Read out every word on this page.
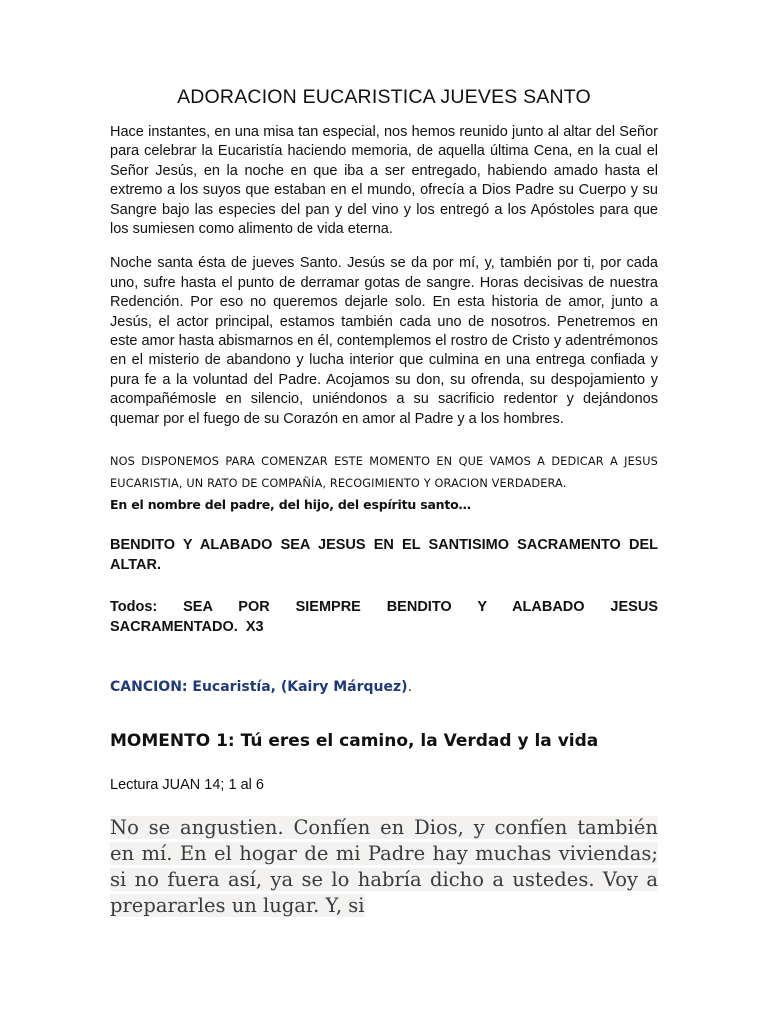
ADORACION EUCARISTICA JUEVES SANTO

Hace instantes, en una misa tan especial, nos hemos reunido junto al altar del Señor para celebrar la Eucaristía haciendo memoria, de aquella última Cena, en la cual el Señor Jesús, en la noche en que iba a ser entregado, habiendo amado hasta el extremo a los suyos que estaban en el mundo, ofrecía a Dios Padre su Cuerpo y su Sangre bajo las especies del pan y del vino y los entregó a los Apóstoles para que los sumiesen como alimento de vida eterna.

Noche santa ésta de jueves Santo. Jesús se da por mí, y, también por ti, por cada uno, sufre hasta el punto de derramar gotas de sangre. Horas decisivas de nuestra Redención. Por eso no queremos dejarle solo. En esta historia de amor, junto a Jesús, el actor principal, estamos también cada uno de nosotros. Penetremos en este amor hasta abismarnos en él, contemplemos el rostro de Cristo y adentrémonos en el misterio de abandono y lucha interior que culmina en una entrega confiada y pura fe a la voluntad del Padre. Acojamos su don, su ofrenda, su despojamiento y acompañémosle en silencio, uniéndonos a su sacrificio redentor y dejándonos quemar por el fuego de su Corazón en amor al Padre y a los hombres.

NOS DISPONEMOS PARA COMENZAR ESTE MOMENTO EN QUE VAMOS A DEDICAR A JESUS EUCARISTIA, UN RATO DE COMPAÑÍA, RECOGIMIENTO Y ORACION VERDADERA.

En el nombre del padre, del hijo, del espíritu santo…

BENDITO Y ALABADO SEA JESUS EN EL SANTISIMO SACRAMENTO DEL ALTAR.

Todos: SEA POR SIEMPRE BENDITO Y ALABADO JESUS
SACRAMENTADO.  X3

CANCION: Eucaristía, (Kairy Márquez).

MOMENTO 1: Tú eres el camino, la Verdad y la vida

Lectura JUAN 14; 1 al 6

No se angustien. Confíen en Dios, y confíen también en mí. En el hogar de mi Padre hay muchas viviendas; si no fuera así, ya se lo habría dicho a ustedes. Voy a prepararles un lugar. Y, si
